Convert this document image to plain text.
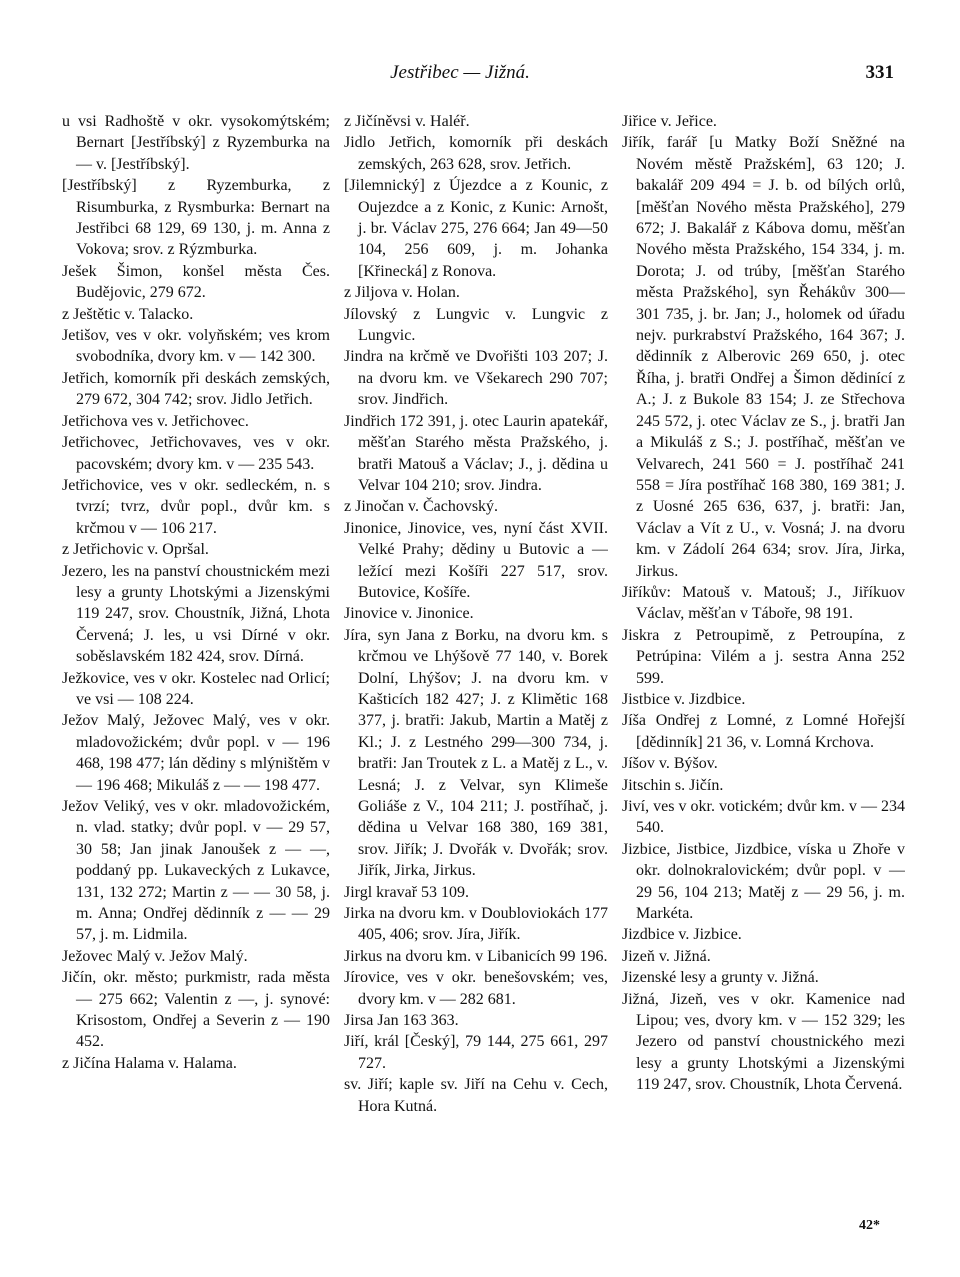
Jestřibec — Jižná.	331

u vsi Radhoště v okr. vysokomýtském; Bernart [Jestříbský] z Ryzemburka na — v. [Jestříbský].

[Jestříbský] z Ryzemburka, z Risumburka, z Rysmburka: Bernart na Jestřibci 68 129, 69 130, j. m. Anna z Vokova; srov. z Rýzmburka.

Ješek Šimon, konšel města Čes. Budějovic, 279 672.

z Ještětic v. Talacko.

Jetišov, ves v okr. volyňském; ves krom svobodníka, dvory km. v — 142 300.

Jetřich, komorník při deskách zemských, 279 672, 304 742; srov. Jidlo Jetřich.

Jetřichova ves v. Jetřichovec.

Jetřichovec, Jetřichovaves, ves v okr. pacovském; dvory km. v — 235 543.

Jetřichovice, ves v okr. sedleckém, n. s tvrzí; tvrz, dvůr popl., dvůr km. s krčmou v — 106 217.

z Jetřichovic v. Opršal.

Jezero, les na panství choustnickém mezi lesy a grunty Lhotskými a Jizenskými 119 247, srov. Choustník, Jižná, Lhota Červená; J. les, u vsi Dírné v okr. soběslavském 182 424, srov. Dírná.

Ježkovice, ves v okr. Kostelec nad Orlicí; ve vsi — 108 224.

Ježov Malý, Ježovec Malý, ves v okr. mladovožickém; dvůr popl. v — 196 468, 198 477; lán dědiny s mlýništěm v — 196 468; Mikuláš z — — 198 477.

Ježov Veliký, ves v okr. mladovožickém, n. vlad. statky; dvůr popl. v — 29 57, 30 58; Jan jinak Janoušek z — —, poddaný pp. Lukaveckých z Lukavce, 131, 132 272; Martin z — — 30 58, j. m. Anna; Ondřej dědinník z — — 29 57, j. m. Lidmila.

Ježovec Malý v. Ježov Malý.

Jičín, okr. město; purkmistr, rada města — 275 662; Valentin z —, j. synové: Krisostom, Ondřej a Severin z — 190 452.

z Jičína Halama v. Halama.

z Jičíněvsi v. Haléř.

Jidlo Jetřich, komorník při deskách zemských, 263 628, srov. Jetřich.

[Jilemnický] z Újezdce a z Kounic, z Oujezdce a z Konic, z Kunic: Arnošt, j. br. Václav 275, 276 664; Jan 49—50 104, 256 609, j. m. Johanka [Křinecká] z Ronova.

z Jiljova v. Holan.

Jílovský z Lungvic v. Lungvic z Lungvic.

Jindra na krčmě ve Dvořišti 103 207; J. na dvoru km. ve Všekarech 290 707; srov. Jindřich.

Jindřich 172 391, j. otec Laurin apatekář, měšťan Starého města Pražského, j. bratři Matouš a Václav; J., j. dědina u Velvar 104 210; srov. Jindra.

z Jinočan v. Čachovský.

Jinonice, Jinovice, ves, nyní část XVII. Velké Prahy; dědiny u Butovic a — ležící mezi Košíři 227 517, srov. Butovice, Košíře.

Jinovice v. Jinonice.

Jíra, syn Jana z Borku, na dvoru km. s krčmou ve Lhýšově 77 140, v. Borek Dolní, Lhýšov; J. na dvoru km. v Kašticích 182 427; J. z Klimětic 168 377, j. bratři: Jakub, Martin a Matěj z Kl.; J. z Lestného 299—300 734, j. bratři: Jan Troutek z L. a Matěj z L., v. Lesná; J. z Velvar, syn Klimeše Goliáše z V., 104 211; J. postříhač, j. dědina u Velvar 168 380, 169 381, srov. Jiřík; J. Dvořák v. Dvořák; srov. Jiřík, Jirka, Jirkus.

Jirgl kravař 53 109.

Jirka na dvoru km. v Doubloviokách 177 405, 406; srov. Jíra, Jiřík.

Jirkus na dvoru km. v Libanicích 99 196.

Jírovice, ves v okr. benešovském; ves, dvory km. v — 282 681.

Jirsa Jan 163 363.

Jiří, král [Český], 79 144, 275 661, 297 727.

sv. Jiří; kaple sv. Jiří na Cehu v. Cech, Hora Kutná.

Jiřice v. Jeřice.

Jiřík, farář [u Matky Boží Sněžné na Novém městě Pražském], 63 120; J. bakalář 209 494 = J. b. od bílých orlů, [měšťan Nového města Pražského], 279 672; J. Bakalář z Kábova domu, měšťan Nového města Pražského, 154 334, j. m. Dorota; J. od trúby, [měšťan Starého města Pražského], syn Řehákův 300—301 735, j. br. Jan; J., holomek od úřadu nejv. purkrabství Pražského, 164 367; J. dědinník z Alberovic 269 650, j. otec Říha, j. bratři Ondřej a Šimon dědinící z A.; J. z Bukole 83 154; J. ze Střechova 245 572, j. otec Václav ze S., j. bratři Jan a Mikuláš z S.; J. postříhač, měšťan ve Velvarech, 241 560 = J. postříhač 241 558 = Jíra postříhač 168 380, 169 381; J. z Uosné 265 636, 637, j. bratři: Jan, Václav a Vít z U., v. Vosná; J. na dvoru km. v Zádolí 264 634; srov. Jíra, Jirka, Jirkus.

Jiříkův: Matouš v. Matouš; J., Jiříkuov Václav, měšťan v Táboře, 98 191.

Jiskra z Petroupimě, z Petroupína, z Petrúpina: Vilém a j. sestra Anna 252 599.

Jistbice v. Jizdbice.

Jíša Ondřej z Lomné, z Lomné Hořejší [dědinník] 21 36, v. Lomná Krchova.

Jíšov v. Býšov.

Jitschin s. Jičín.

Jiví, ves v okr. votickém; dvůr km. v — 234 540.

Jizbice, Jistbice, Jizdbice, víska u Zhoře v okr. dolnokralovickém; dvůr popl. v — 29 56, 104 213; Matěj z — 29 56, j. m. Markéta.

Jizdbice v. Jizbice.

Jizeň v. Jižná.

Jizenské lesy a grunty v. Jižná.

Jižná, Jizeň, ves v okr. Kamenice nad Lipou; ves, dvory km. v — 152 329; les Jezero od panství choustnického mezi lesy a grunty Lhotskými a Jizenskými 119 247, srov. Choustník, Lhota Červená.

42*
